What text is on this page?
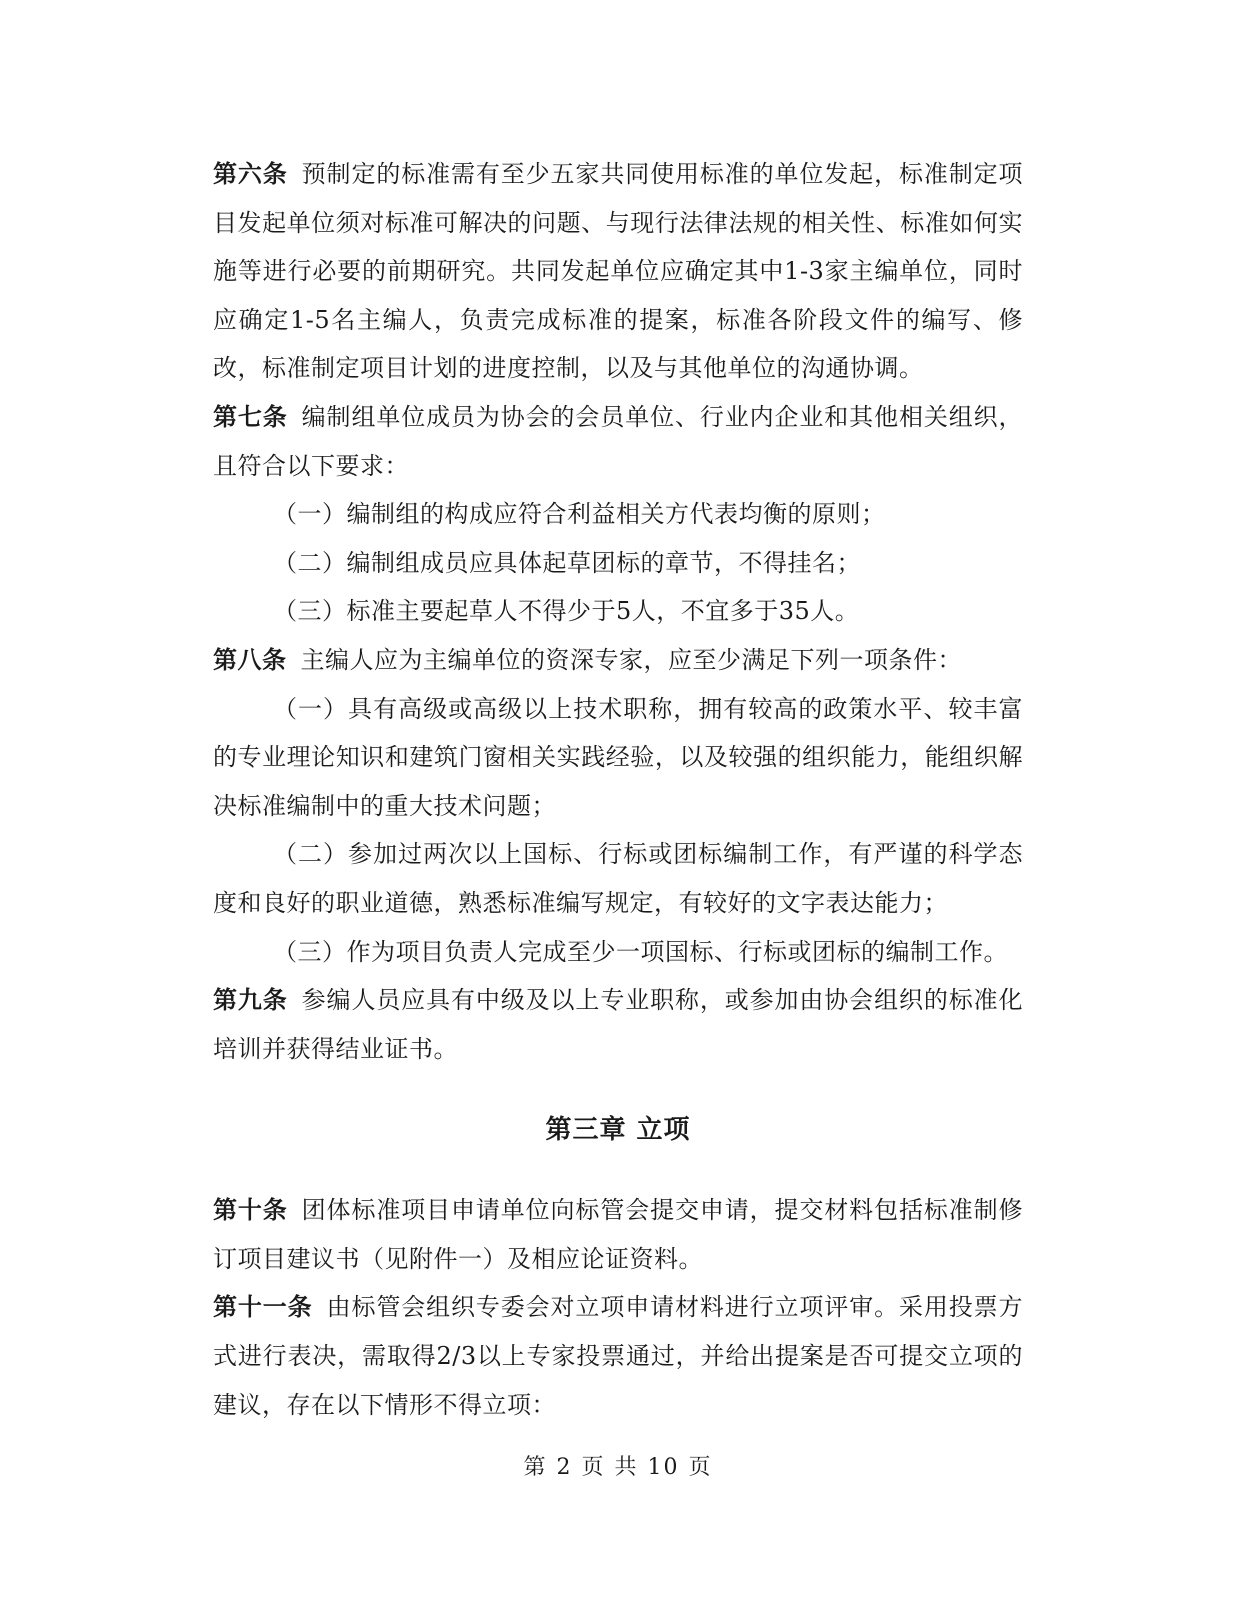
第六条 预制定的标准需有至少五家共同使用标准的单位发起，标准制定项目发起单位须对标准可解决的问题、与现行法律法规的相关性、标准如何实施等进行必要的前期研究。共同发起单位应确定其中1-3家主编单位，同时应确定1-5名主编人，负责完成标准的提案，标准各阶段文件的编写、修改，标准制定项目计划的进度控制，以及与其他单位的沟通协调。

第七条 编制组单位成员为协会的会员单位、行业内企业和其他相关组织，且符合以下要求：

（一）编制组的构成应符合利益相关方代表均衡的原则；

（二）编制组成员应具体起草团标的章节，不得挂名；

（三）标准主要起草人不得少于5人，不宜多于35人。

第八条 主编人应为主编单位的资深专家，应至少满足下列一项条件：

（一）具有高级或高级以上技术职称，拥有较高的政策水平、较丰富的专业理论知识和建筑门窗相关实践经验，以及较强的组织能力，能组织解决标准编制中的重大技术问题；

（二）参加过两次以上国标、行标或团标编制工作，有严谨的科学态度和良好的职业道德，熟悉标准编写规定，有较好的文字表达能力；

（三）作为项目负责人完成至少一项国标、行标或团标的编制工作。

第九条 参编人员应具有中级及以上专业职称，或参加由协会组织的标准化培训并获得结业证书。

第三章 立项

第十条 团体标准项目申请单位向标管会提交申请，提交材料包括标准制修订项目建议书（见附件一）及相应论证资料。

第十一条 由标管会组织专委会对立项申请材料进行立项评审。采用投票方式进行表决，需取得2/3以上专家投票通过，并给出提案是否可提交立项的建议，存在以下情形不得立项：

第 2 页 共 10 页
